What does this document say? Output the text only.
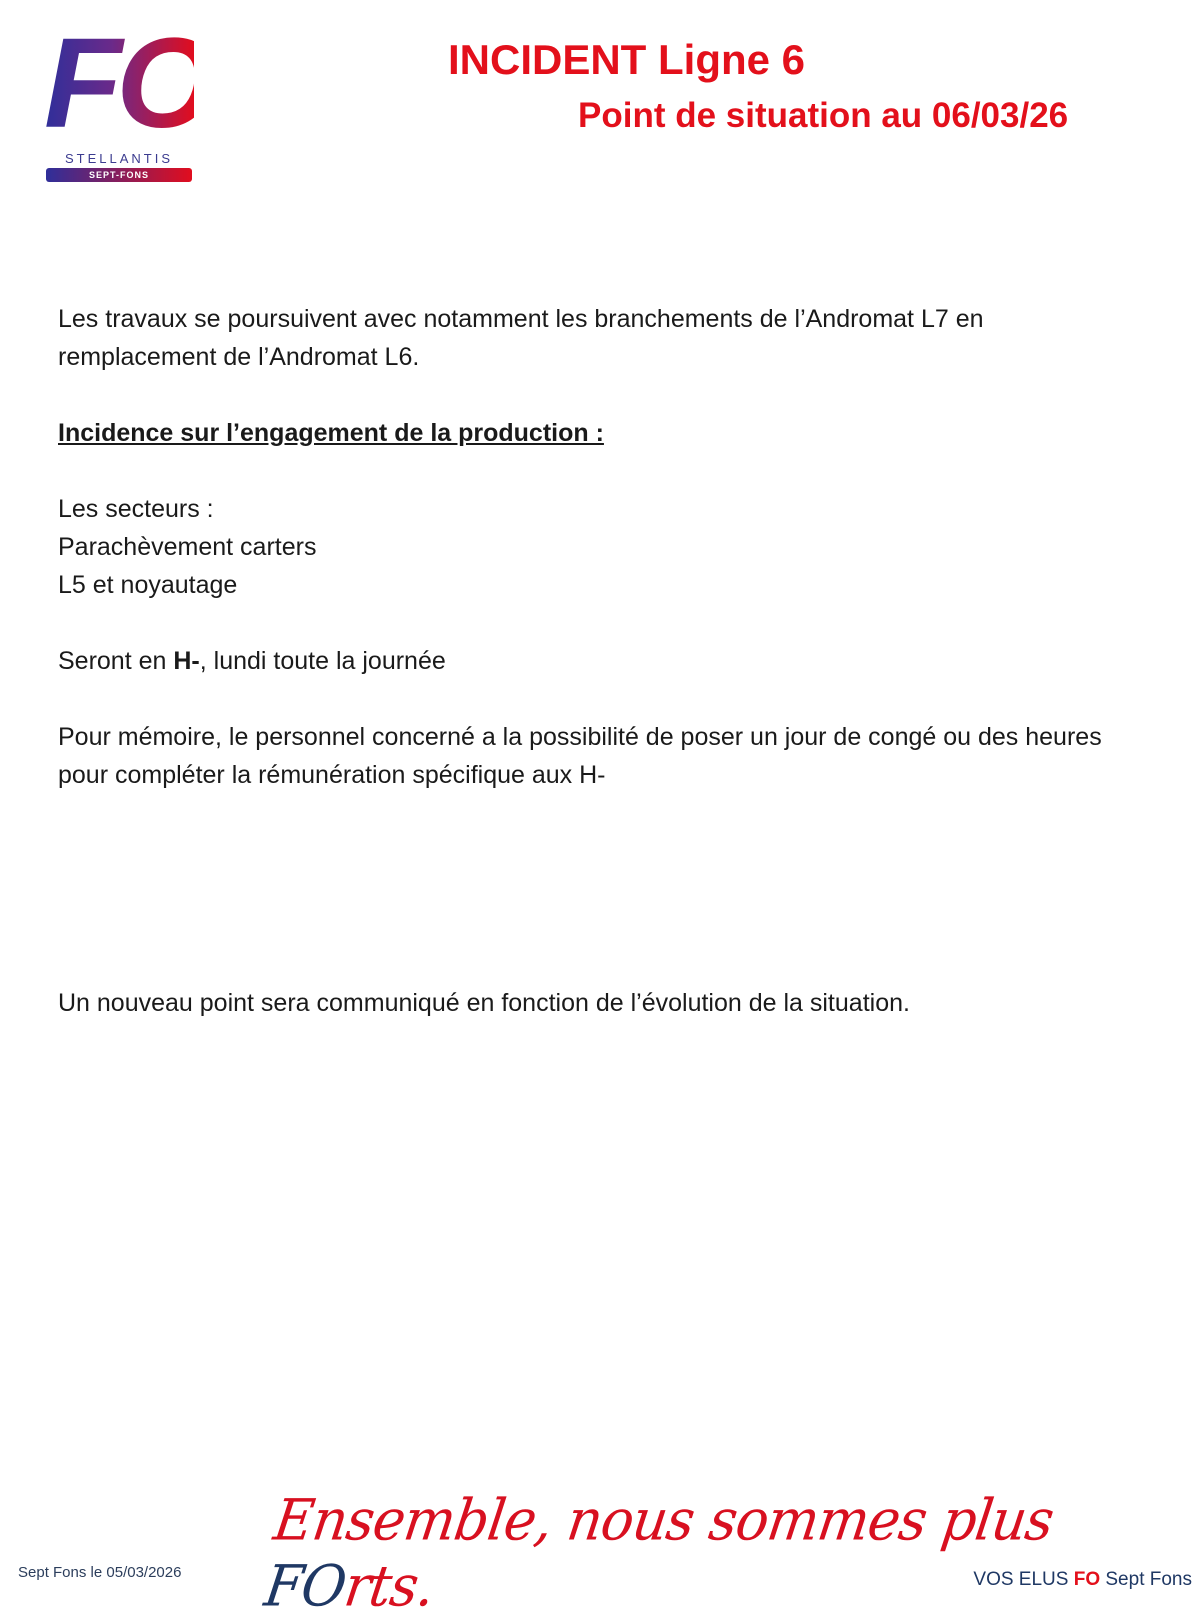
FO
STELLANTIS
SEPT-FONS
INCIDENT Ligne 6
Point de situation au 06/03/26

Les travaux se poursuivent avec notamment les branchements de l’Andromat L7 en remplacement de l’Andromat L6.

Incidence sur l’engagement de la production :

Les secteurs :

Parachèvement carters

L5 et noyautage

Seront en H-, lundi toute la journée

Pour mémoire, le personnel concerné a la possibilité de poser un jour de congé ou des heures pour compléter la rémunération spécifique aux H-

Un nouveau point sera communiqué en fonction de l’évolution de la situation.

Ensemble, nous sommes plus FOrts.
Sept Fons le 05/03/2026	VOS ELUS FO Sept Fons
